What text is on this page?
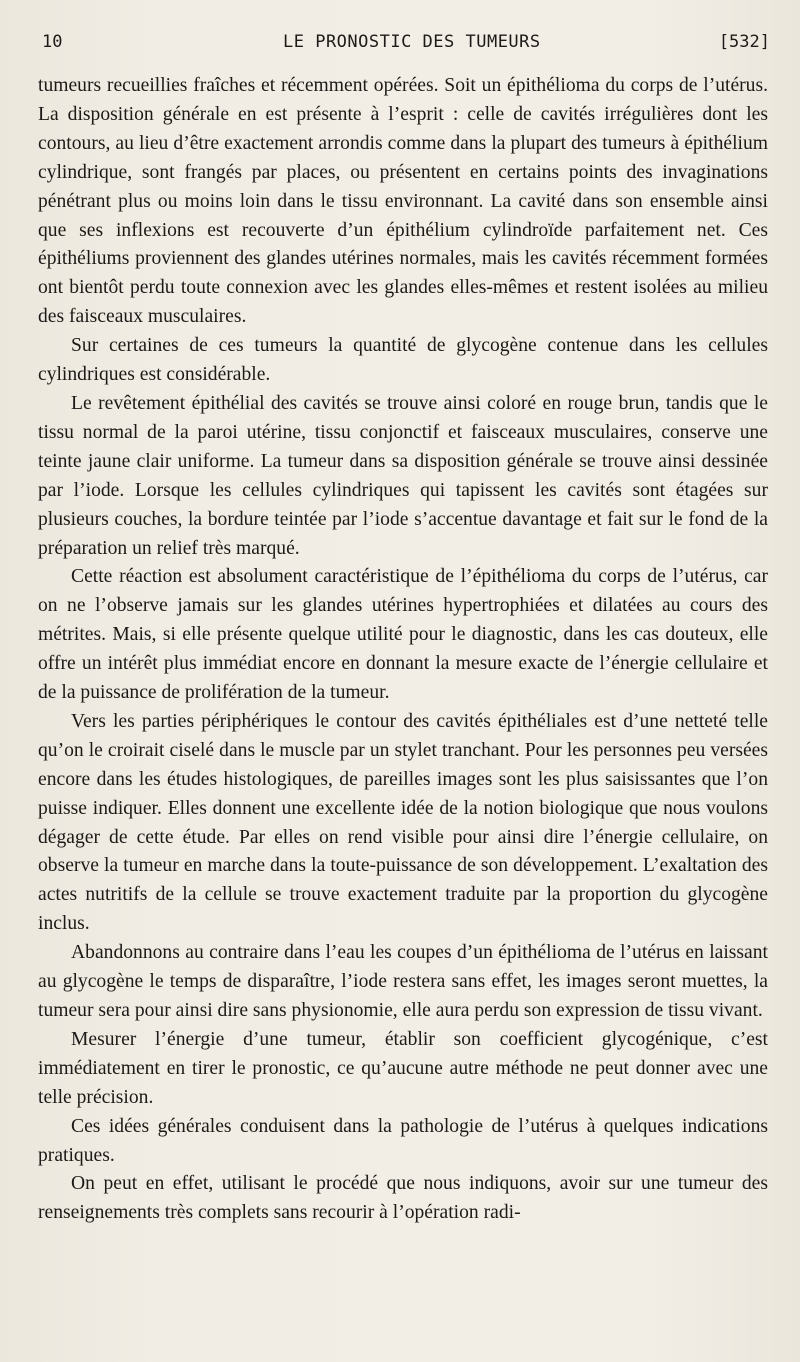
10	LE PRONOSTIC DES TUMEURS	[532]

tumeurs recueillies fraîches et récemment opérées. Soit un épithélioma du corps de l’utérus. La disposition générale en est présente à l’esprit : celle de cavités irrégulières dont les contours, au lieu d’être exactement arrondis comme dans la plupart des tumeurs à épithélium cylindrique, sont frangés par places, ou présentent en certains points des invaginations pénétrant plus ou moins loin dans le tissu environnant. La cavité dans son ensemble ainsi que ses inflexions est recouverte d’un épithélium cylindroïde parfaitement net. Ces épithéliums proviennent des glandes utérines normales, mais les cavités récemment formées ont bientôt perdu toute connexion avec les glandes elles-mêmes et restent isolées au milieu des faisceaux musculaires.

Sur certaines de ces tumeurs la quantité de glycogène contenue dans les cellules cylindriques est considérable.

Le revêtement épithélial des cavités se trouve ainsi coloré en rouge brun, tandis que le tissu normal de la paroi utérine, tissu conjonctif et faisceaux musculaires, conserve une teinte jaune clair uniforme. La tumeur dans sa disposition générale se trouve ainsi dessinée par l’iode. Lorsque les cellules cylindriques qui tapissent les cavités sont étagées sur plusieurs couches, la bordure teintée par l’iode s’accentue davantage et fait sur le fond de la préparation un relief très marqué.

Cette réaction est absolument caractéristique de l’épithélioma du corps de l’utérus, car on ne l’observe jamais sur les glandes utérines hypertrophiées et dilatées au cours des métrites. Mais, si elle présente quelque utilité pour le diagnostic, dans les cas douteux, elle offre un intérêt plus immédiat encore en donnant la mesure exacte de l’énergie cellulaire et de la puissance de prolifération de la tumeur.

Vers les parties périphériques le contour des cavités épithéliales est d’une netteté telle qu’on le croirait ciselé dans le muscle par un stylet tranchant. Pour les personnes peu versées encore dans les études histologiques, de pareilles images sont les plus saisissantes que l’on puisse indiquer. Elles donnent une excellente idée de la notion biologique que nous voulons dégager de cette étude. Par elles on rend visible pour ainsi dire l’énergie cellulaire, on observe la tumeur en marche dans la toute-puissance de son développement. L’exaltation des actes nutritifs de la cellule se trouve exactement traduite par la proportion du glycogène inclus.

Abandonnons au contraire dans l’eau les coupes d’un épithélioma de l’utérus en laissant au glycogène le temps de disparaître, l’iode restera sans effet, les images seront muettes, la tumeur sera pour ainsi dire sans physionomie, elle aura perdu son expression de tissu vivant.

Mesurer l’énergie d’une tumeur, établir son coefficient glycogénique, c’est immédiatement en tirer le pronostic, ce qu’aucune autre méthode ne peut donner avec une telle précision.

Ces idées générales conduisent dans la pathologie de l’utérus à quelques indications pratiques.

On peut en effet, utilisant le procédé que nous indiquons, avoir sur une tumeur des renseignements très complets sans recourir à l’opération radi-
